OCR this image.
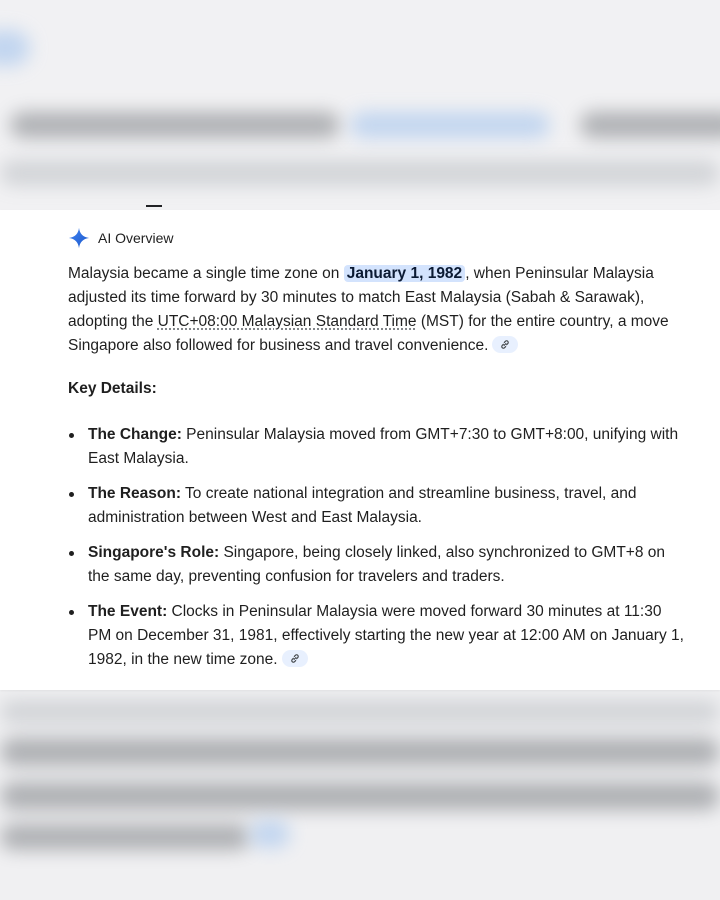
AI Overview

Malaysia became a single time zone on January 1, 1982 , when Peninsular Malaysia adjusted its time forward by 30 minutes to match East Malaysia (Sabah & Sarawak), adopting the UTC+08:00 Malaysian Standard Time (MST) for the entire country, a move Singapore also followed for business and travel convenience.

Key Details:

The Change: Peninsular Malaysia moved from GMT+7:30 to GMT+8:00, unifying with East Malaysia.
The Reason: To create national integration and streamline business, travel, and administration between West and East Malaysia.
Singapore's Role: Singapore, being closely linked, also synchronized to GMT+8 on the same day, preventing confusion for travelers and traders.
The Event: Clocks in Peninsular Malaysia were moved forward 30 minutes at 11:30 PM on December 31, 1981, effectively starting the new year at 12:00 AM on January 1, 1982, in the new time zone.
